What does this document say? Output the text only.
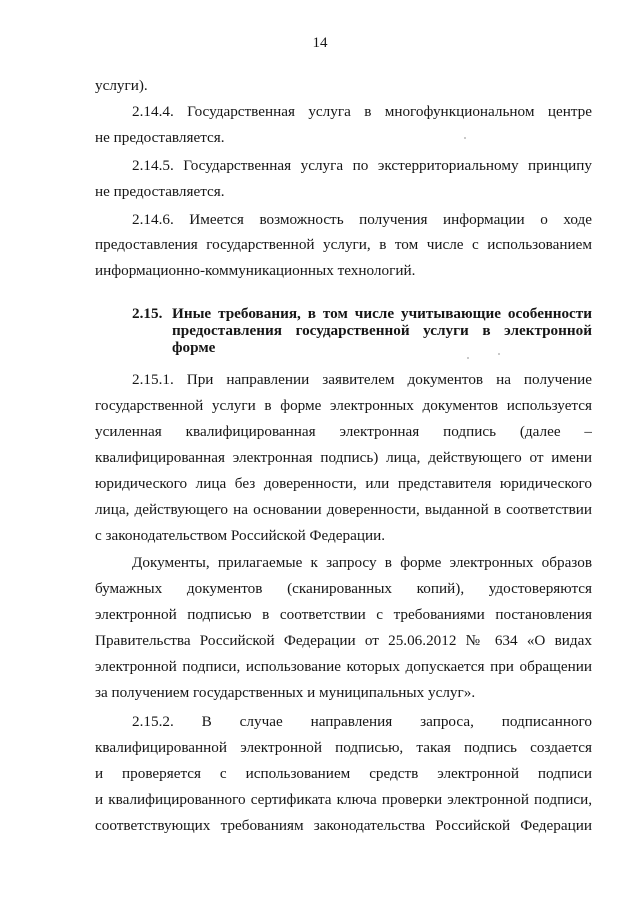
14
услуги).
2.14.4. Государственная услуга в многофункциональном центре
не предоставляется.
2.14.5. Государственная услуга по экстерриториальному принципу
не предоставляется.
2.14.6. Имеется возможность получения информации о ходе
предоставления государственной услуги, в том числе с использованием
информационно-коммуникационных технологий.
2.15. Иные требования, в том числе учитывающие особенности
предоставления государственной услуги в электронной
форме
2.15.1. При направлении заявителем документов на получение
государственной услуги в форме электронных документов используется
усиленная квалифицированная электронная подпись (далее –
квалифицированная электронная подпись) лица, действующего от имени
юридического лица без доверенности, или представителя юридического
лица, действующего на основании доверенности, выданной в соответствии
с законодательством Российской Федерации.
Документы, прилагаемые к запросу в форме электронных образов
бумажных документов (сканированных копий), удостоверяются
электронной подписью в соответствии с требованиями постановления
Правительства Российской Федерации от 25.06.2012 № 634 «О видах
электронной подписи, использование которых допускается при обращении
за получением государственных и муниципальных услуг».
2.15.2. В случае направления запроса, подписанного
квалифицированной электронной подписью, такая подпись создается
и проверяется с использованием средств электронной подписи
и квалифицированного сертификата ключа проверки электронной подписи,
соответствующих требованиям законодательства Российской Федерации
